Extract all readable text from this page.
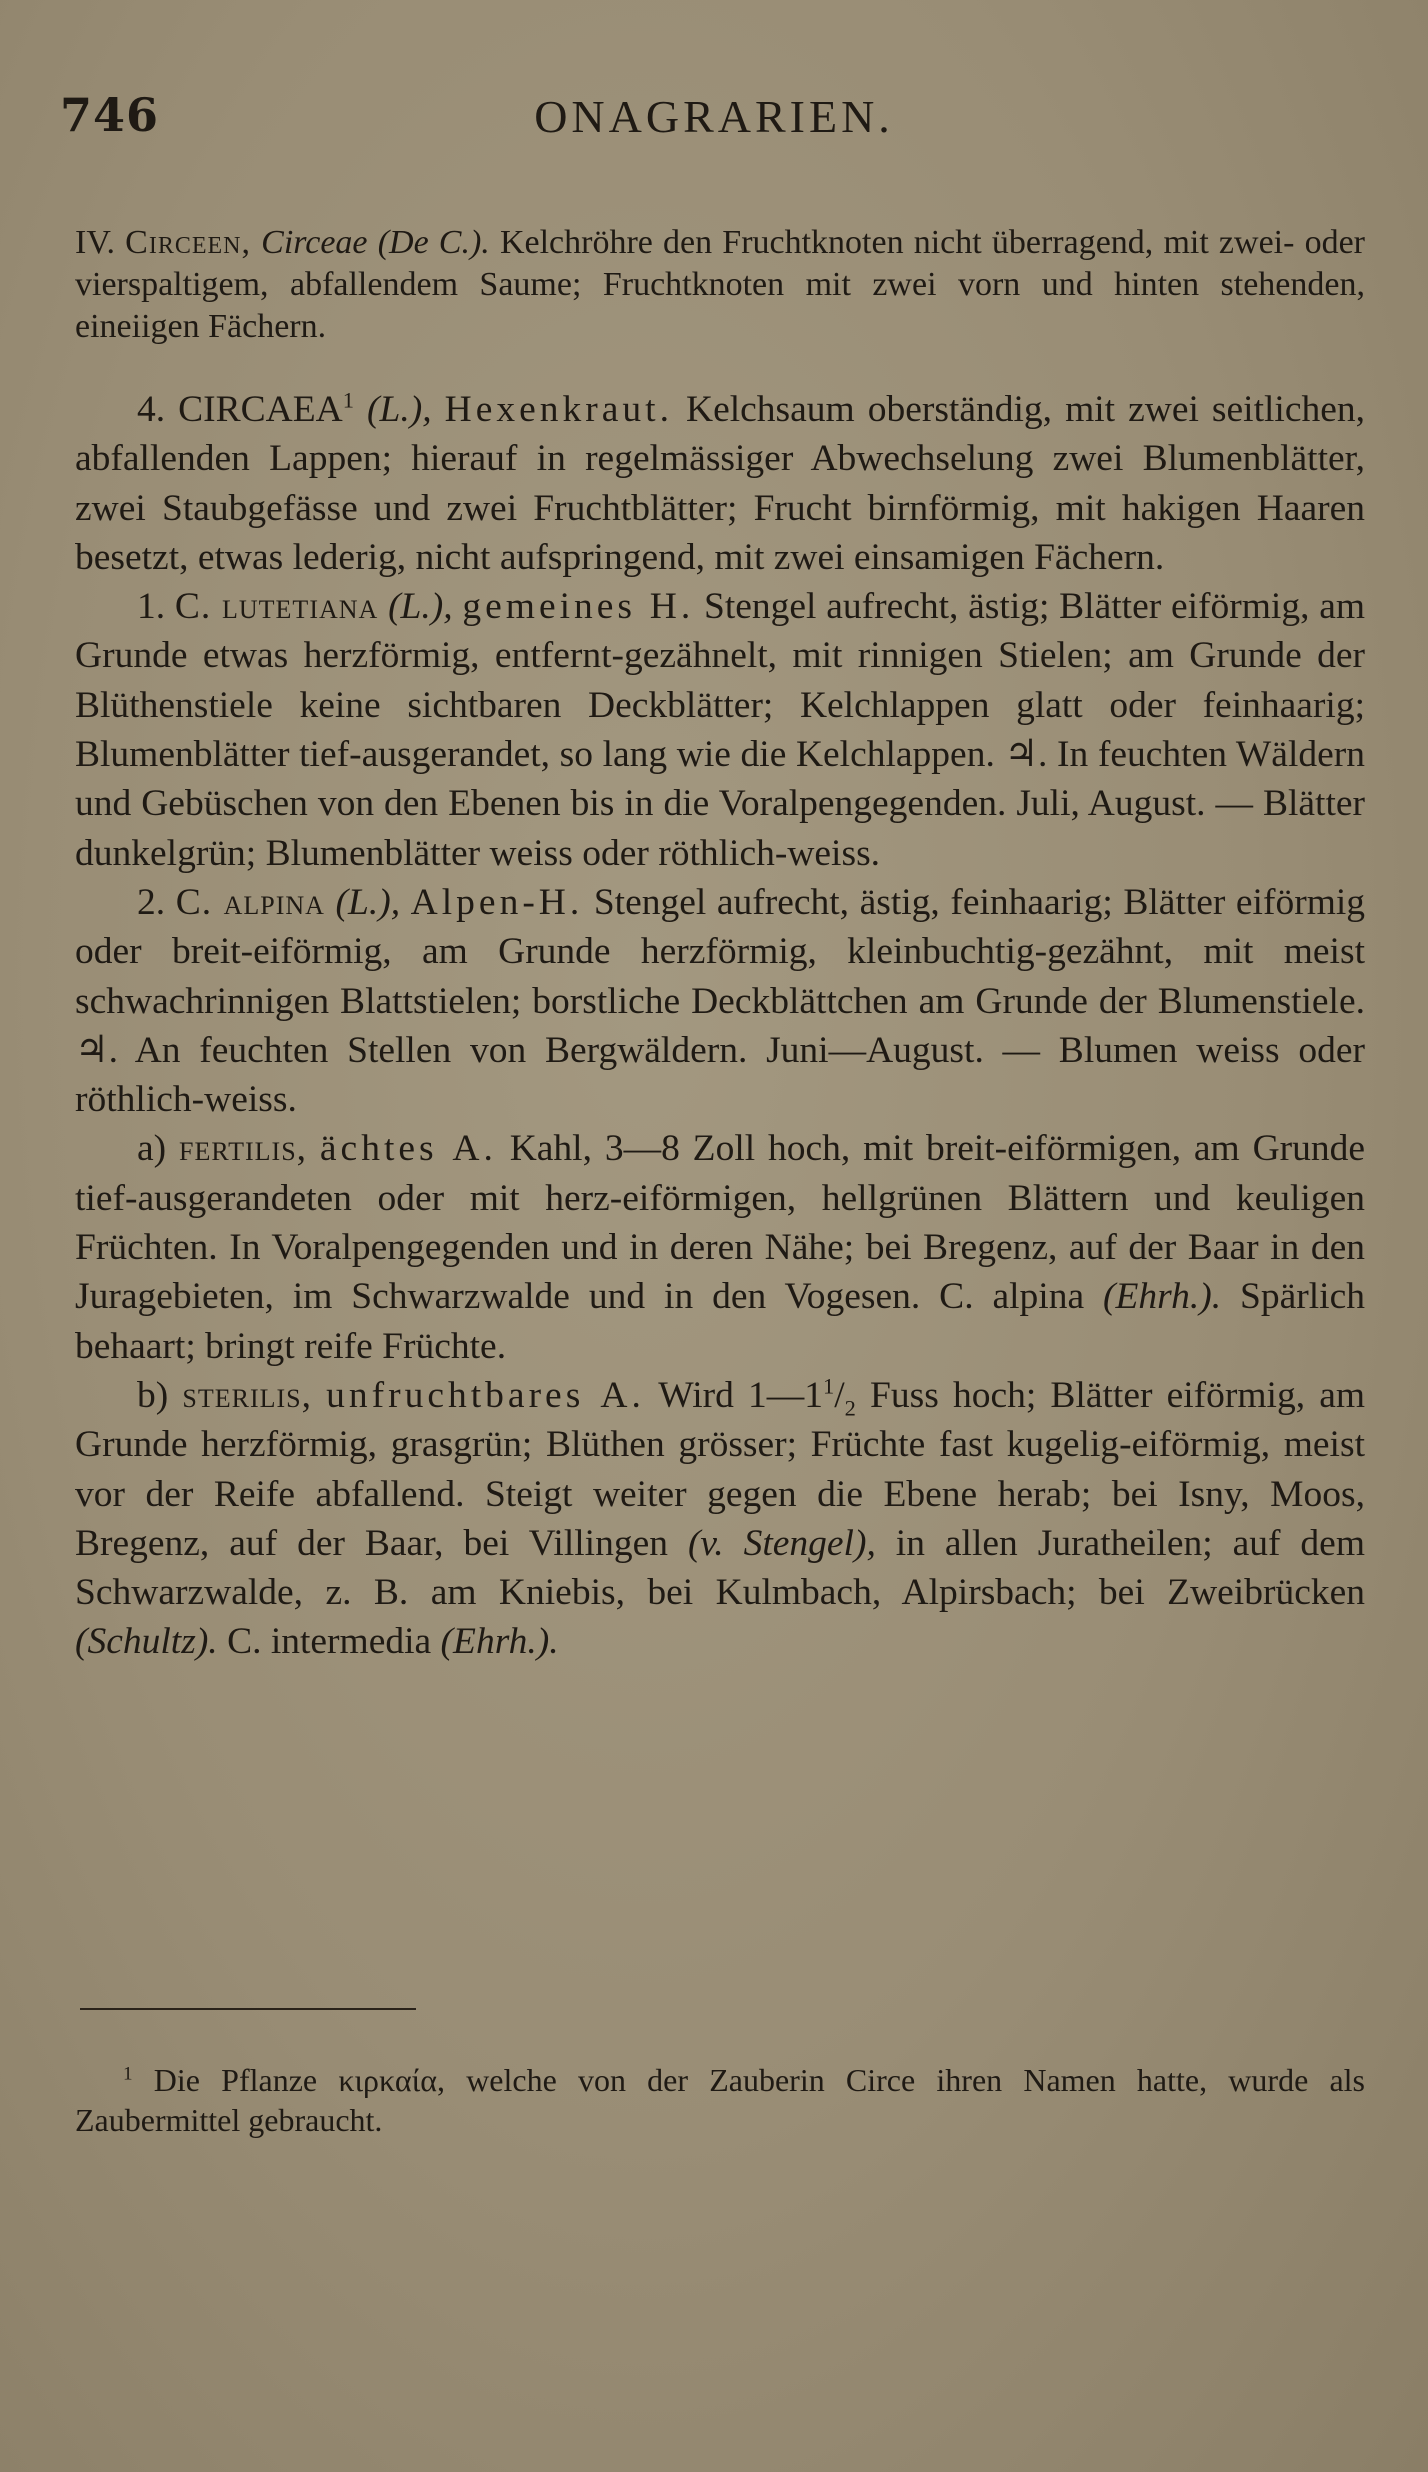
746	ONAGRARIEN.

IV. Circeen, Circeae (De C.). Kelchröhre den Fruchtknoten nicht überragend, mit zwei- oder vierspaltigem, abfallendem Saume; Fruchtknoten mit zwei vorn und hinten stehenden, eineiigen Fächern.

4. CIRCAEA$^1$ (L.), Hexenkraut. Kelchsaum oberständig, mit zwei seitlichen, abfallenden Lappen; hierauf in regelmässiger Abwechselung zwei Blumenblätter, zwei Staubgefässe und zwei Fruchtblätter; Frucht birnförmig, mit hakigen Haaren besetzt, etwas lederig, nicht aufspringend, mit zwei einsamigen Fächern.

1. C. lutetiana (L.), gemeines H. Stengel aufrecht, ästig; Blätter eiförmig, am Grunde etwas herzförmig, entfernt-gezähnelt, mit rinnigen Stielen; am Grunde der Blüthenstiele keine sichtbaren Deckblätter; Kelchlappen glatt oder feinhaarig; Blumenblätter tief-ausgerandet, so lang wie die Kelchlappen. ♃. In feuchten Wäldern und Gebüschen von den Ebenen bis in die Voralpengegenden. Juli, August. — Blätter dunkelgrün; Blumenblätter weiss oder röthlich-weiss.

2. C. alpina (L.), Alpen-H. Stengel aufrecht, ästig, feinhaarig; Blätter eiförmig oder breit-eiförmig, am Grunde herzförmig, kleinbuchtig-gezähnt, mit meist schwachrinnigen Blattstielen; borstliche Deckblättchen am Grunde der Blumenstiele. ♃. An feuchten Stellen von Bergwäldern. Juni—August. — Blumen weiss oder röthlich-weiss.

a) fertilis, ächtes A. Kahl, 3—8 Zoll hoch, mit breit-eiförmigen, am Grunde tief-ausgerandeten oder mit herz-eiförmigen, hellgrünen Blättern und keuligen Früchten. In Voralpengegenden und in deren Nähe; bei Bregenz, auf der Baar in den Juragebieten, im Schwarzwalde und in den Vogesen. C. alpina (Ehrh.). Spärlich behaart; bringt reife Früchte.

b) sterilis, unfruchtbares A. Wird $1—1^1/_2$ Fuss hoch; Blätter eiförmig, am Grunde herzförmig, grasgrün; Blüthen grösser; Früchte fast kugelig-eiförmig, meist vor der Reife abfallend. Steigt weiter gegen die Ebene herab; bei Isny, Moos, Bregenz, auf der Baar, bei Villingen (v. Stengel), in allen Juratheilen; auf dem Schwarzwalde, z. B. am Kniebis, bei Kulmbach, Alpirsbach; bei Zweibrücken (Schultz). C. intermedia (Ehrh.).

$^1$ Die Pflanze κιρκαία, welche von der Zauberin Circe ihren Namen hatte, wurde als Zaubermittel gebraucht.
